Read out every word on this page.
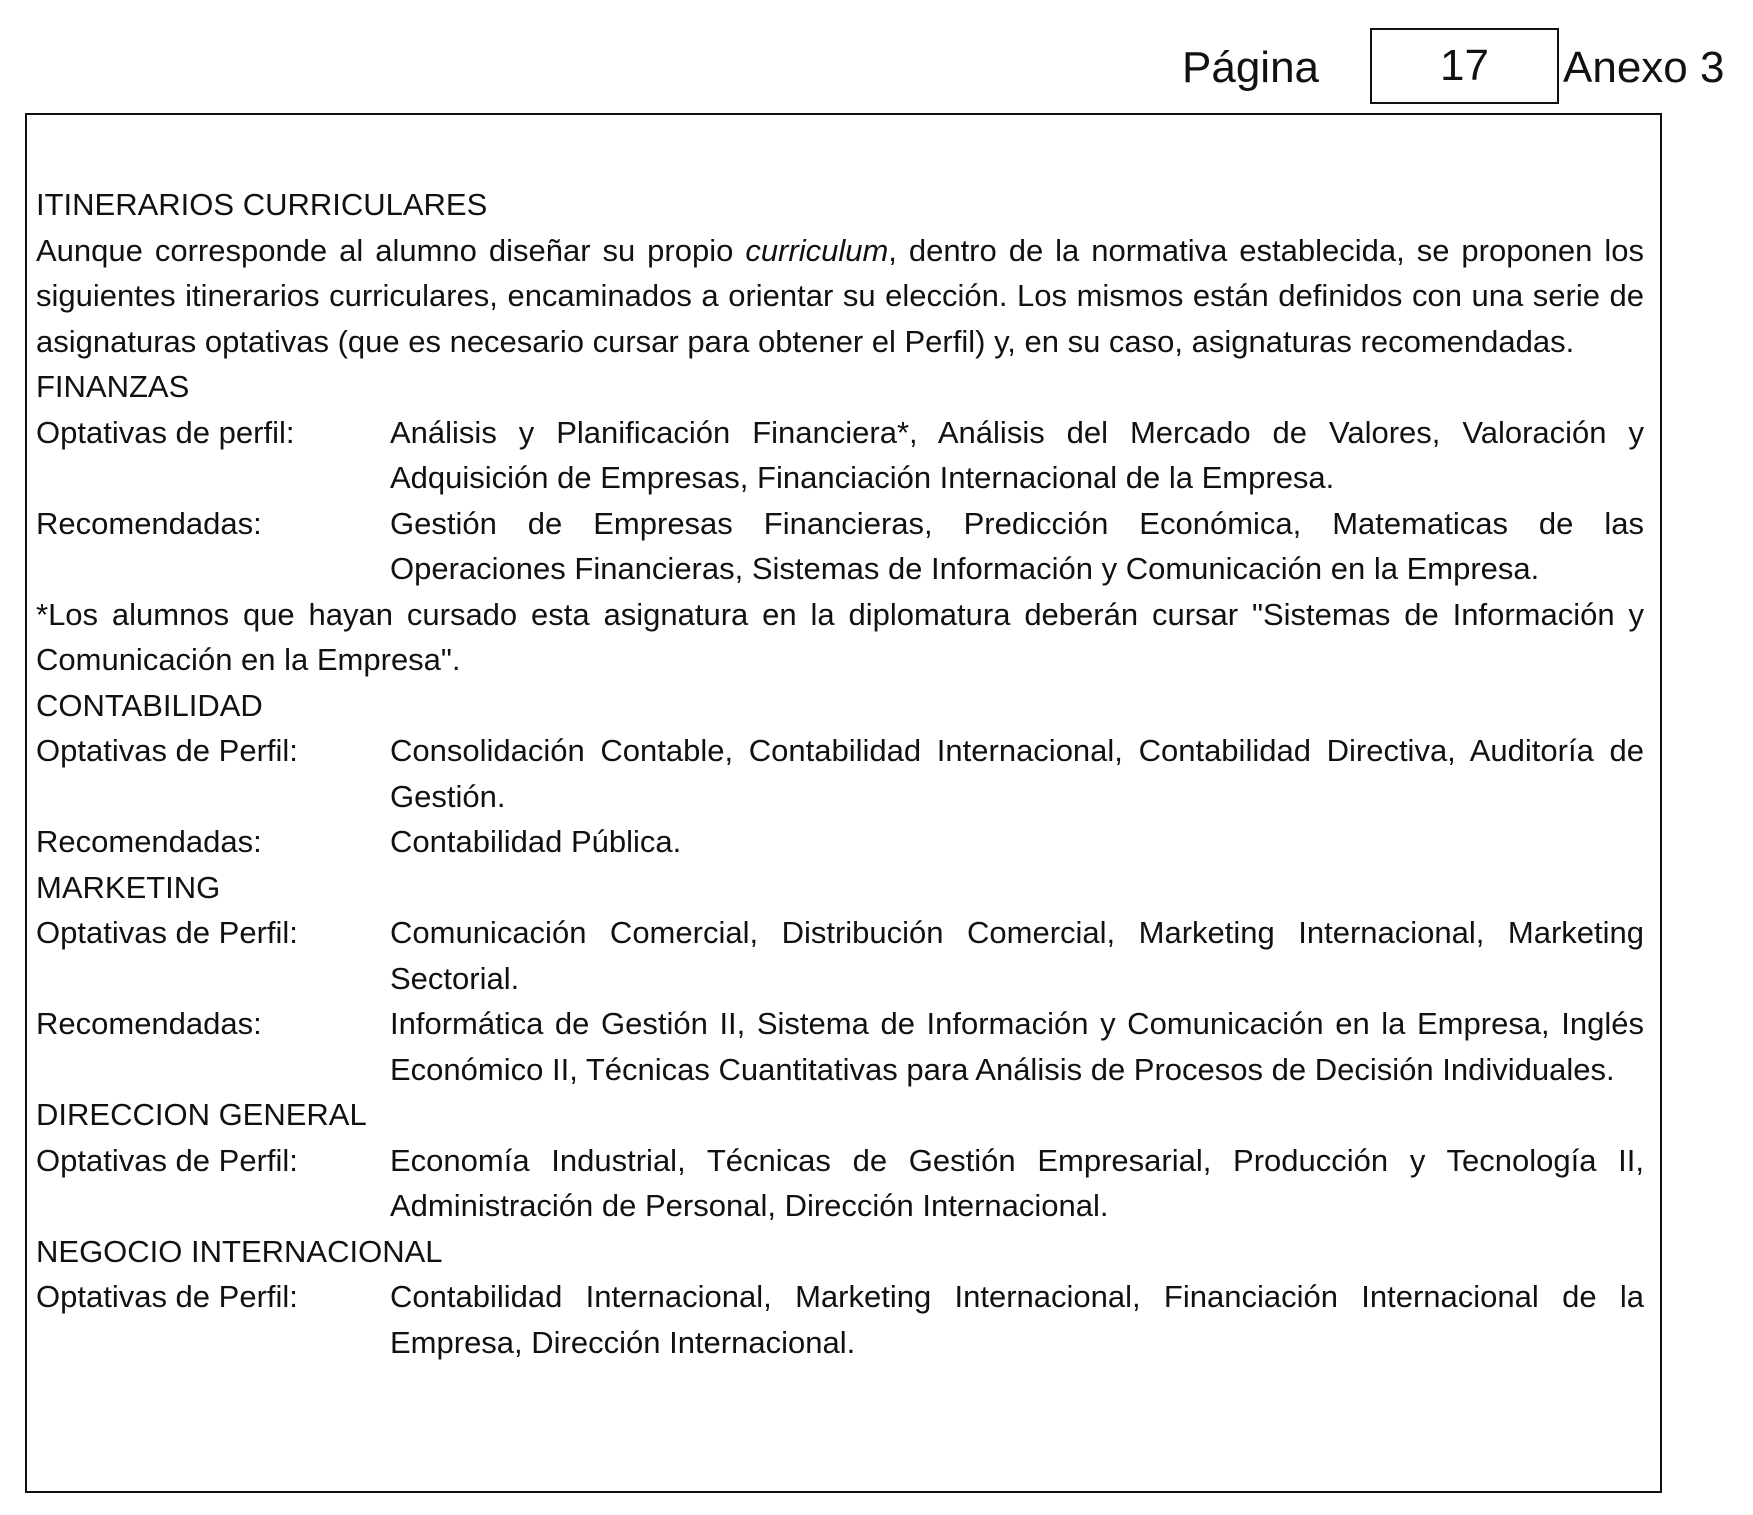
Página	17	Anexo 3

ITINERARIOS CURRICULARES

Aunque corresponde al alumno diseñar su propio curriculum, dentro de la normativa establecida, se proponen los siguientes itinerarios curriculares, encaminados a orientar su elección. Los mismos están definidos con una serie de asignaturas optativas (que es necesario cursar para obtener el Perfil) y, en su caso, asignaturas recomendadas.

FINANZAS

Optativas de perfil:	Análisis y Planificación Financiera*, Análisis del Mercado de Valores, Valoración y Adquisición de Empresas, Financiación Internacional de la Empresa.
Recomendadas:	Gestión de Empresas Financieras, Predicción Económica, Matematicas de las Operaciones Financieras, Sistemas de Información y Comunicación en la Empresa.

*Los alumnos que hayan cursado esta asignatura en la diplomatura deberán cursar "Sistemas de Información y Comunicación en la Empresa".

CONTABILIDAD

Optativas de Perfil:	Consolidación Contable, Contabilidad Internacional, Contabilidad Directiva, Auditoría de Gestión.
Recomendadas:	Contabilidad Pública.

MARKETING

Optativas de Perfil:	Comunicación Comercial, Distribución Comercial, Marketing Internacional, Marketing Sectorial.
Recomendadas:	Informática de Gestión II, Sistema de Información y Comunicación en la Empresa, Inglés Económico II, Técnicas Cuantitativas para Análisis de Procesos de Decisión Individuales.

DIRECCION GENERAL

Optativas de Perfil:	Economía Industrial, Técnicas de Gestión Empresarial, Producción y Tecnología II, Administración de Personal, Dirección Internacional.

NEGOCIO INTERNACIONAL

Optativas de Perfil:	Contabilidad Internacional, Marketing Internacional, Financiación Internacional de la Empresa, Dirección Internacional.
